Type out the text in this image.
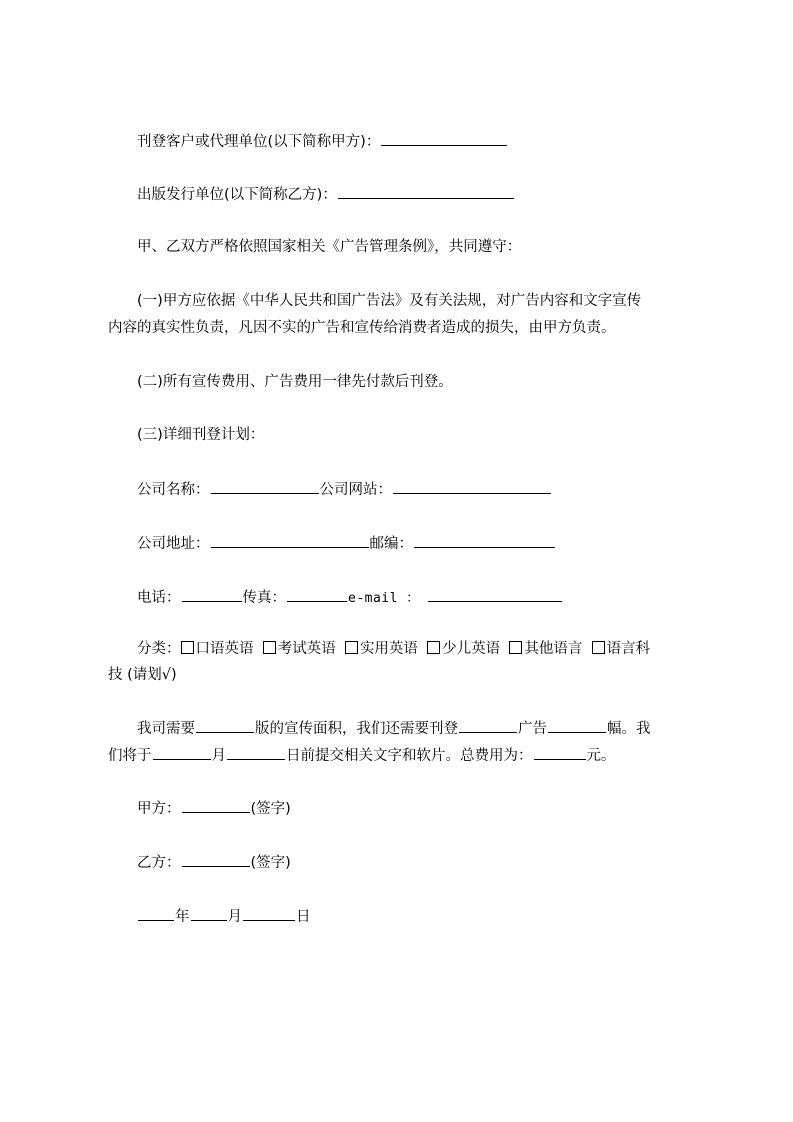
刊登客户或代理单位(以下简称甲方)：
出版发行单位(以下简称乙方)：
甲、乙双方严格依照国家相关《广告管理条例》，共同遵守：
(一)甲方应依据《中华人民共和国广告法》及有关法规，对广告内容和文字宣传
内容的真实性负责，凡因不实的广告和宣传给消费者造成的损失，由甲方负责。
(二)所有宣传费用、广告费用一律先付款后刊登。
(三)详细刊登计划：
公司名称：	公司网站：
公司地址：	邮编：
电话：	传真：	e-mail ：
分类： 口语英语 考试英语 实用英语 少儿英语 其他语言 语言科
技 (请划√)
我司需要	版的宣传面积，我们还需要刊登	广告	幅。我
们将于	月	日前提交相关文字和软片。总费用为：	元。
甲方：	(签字)
乙方：	(签字)
年	月	日
